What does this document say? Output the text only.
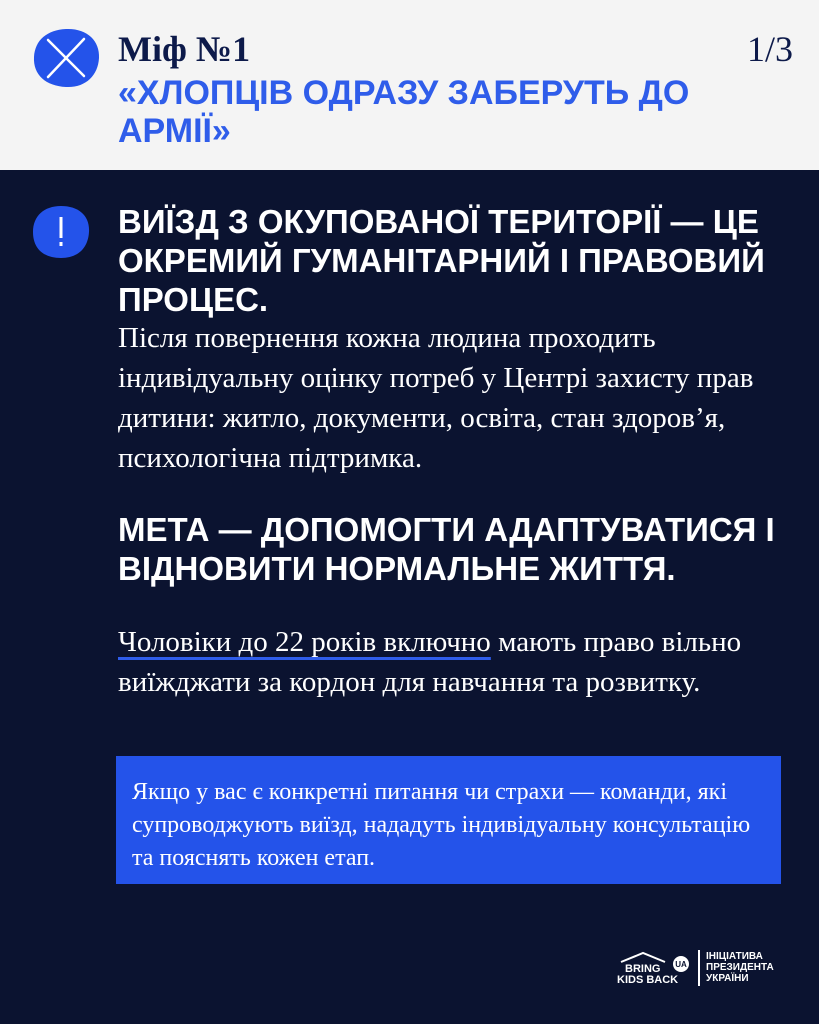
Міф №1	1/3
«ХЛОПЦІВ ОДРАЗУ ЗАБЕРУТЬ ДО АРМІЇ»
ВИЇЗД З ОКУПОВАНОЇ ТЕРИТОРІЇ — ЦЕ ОКРЕМИЙ ГУМАНІТАРНИЙ І ПРАВОВИЙ ПРОЦЕС.

Після повернення кожна людина проходить індивідуальну оцінку потреб у Центрі захисту прав дитини: житло, документи, освіта, стан здоров’я, психологічна підтримка.

МЕТА — ДОПОМОГТИ АДАПТУВАТИСЯ І ВІДНОВИТИ НОРМАЛЬНЕ ЖИТТЯ.

Чоловіки до 22 років включно мають право вільно виїжджати за кордон для навчання та розвитку.

Якщо у вас є конкретні питання чи страхи — команди, які супроводжують виїзд, нададуть індивідуальну консультацію та пояснять кожен етап.

BRING
KIDS BACK
UA
ІНІЦІАТИВА
ПРЕЗИДЕНТА
УКРАЇНИ
